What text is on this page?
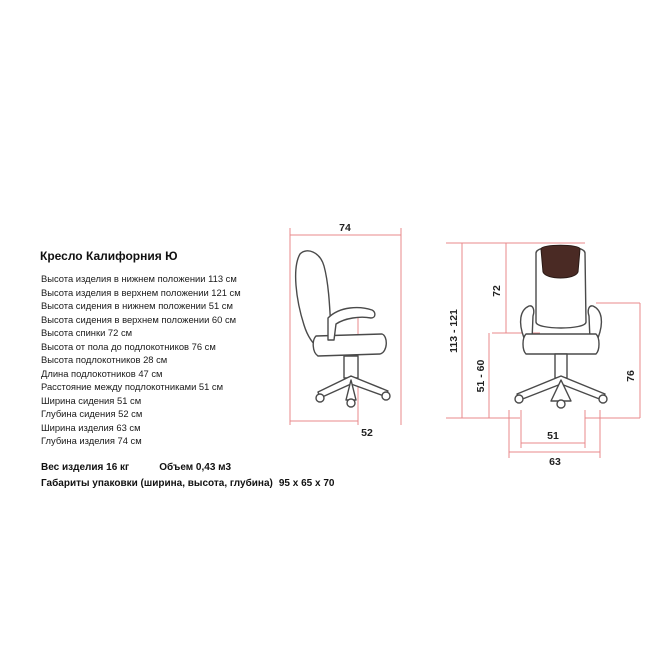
Кресло Калифорния Ю
Высота изделия в нижнем положении 113 см
Высота изделия в верхнем положении 121 см
Высота сидения в нижнем положении 51 см
Высота сидения в верхнем положении 60 см
Высота спинки 72 см
Высота от пола до подлокотников 76 см
Высота подлокотников 28 см
Длина подлокотников 47 см
Расстояние между подлокотниками 51 см
Ширина сидения 51 см
Глубина сидения 52 см
Ширина изделия 63 см
Глубина изделия 74 см
Вес изделия 16 кг	Объем 0,43 м3
Габариты упаковки (ширина, высота, глубина) 95 х 65 х 70
74
52
113 - 121
72
51 - 60	76
51
63
